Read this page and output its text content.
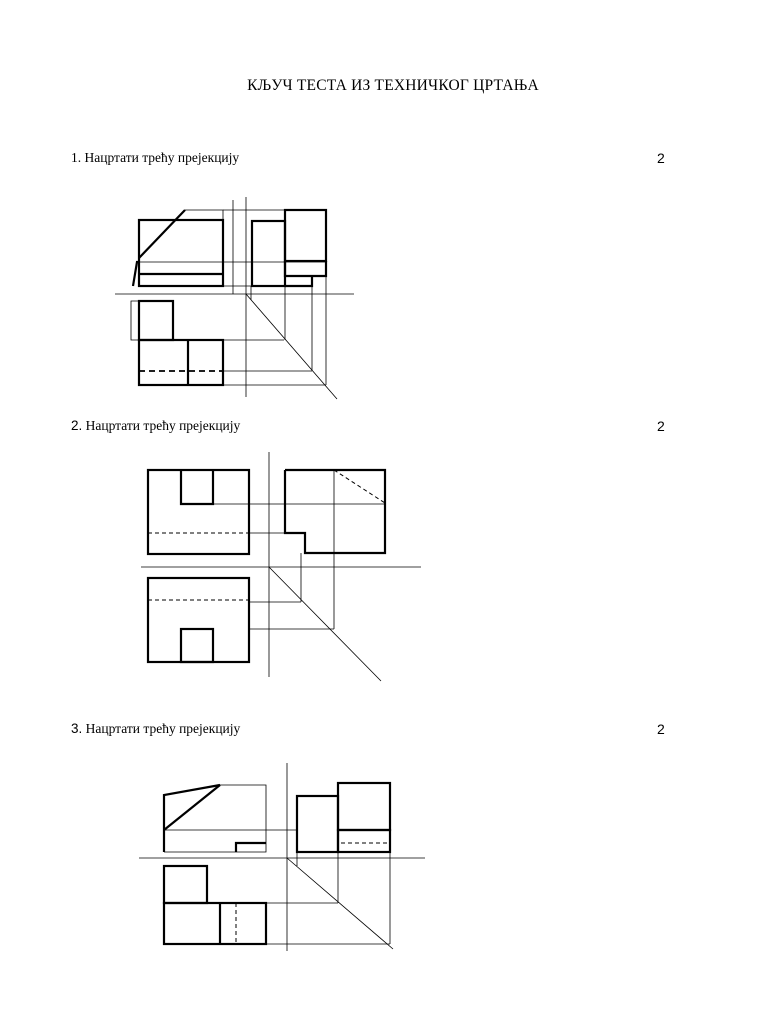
КЉУЧ ТЕСТА ИЗ ТЕХНИЧКОГ ЦРТАЊА
1. Нацртати трећу прејекцију	2
2. Нацртати трећу прејекцију	2
3. Нацртати трећу прејекцију	2
